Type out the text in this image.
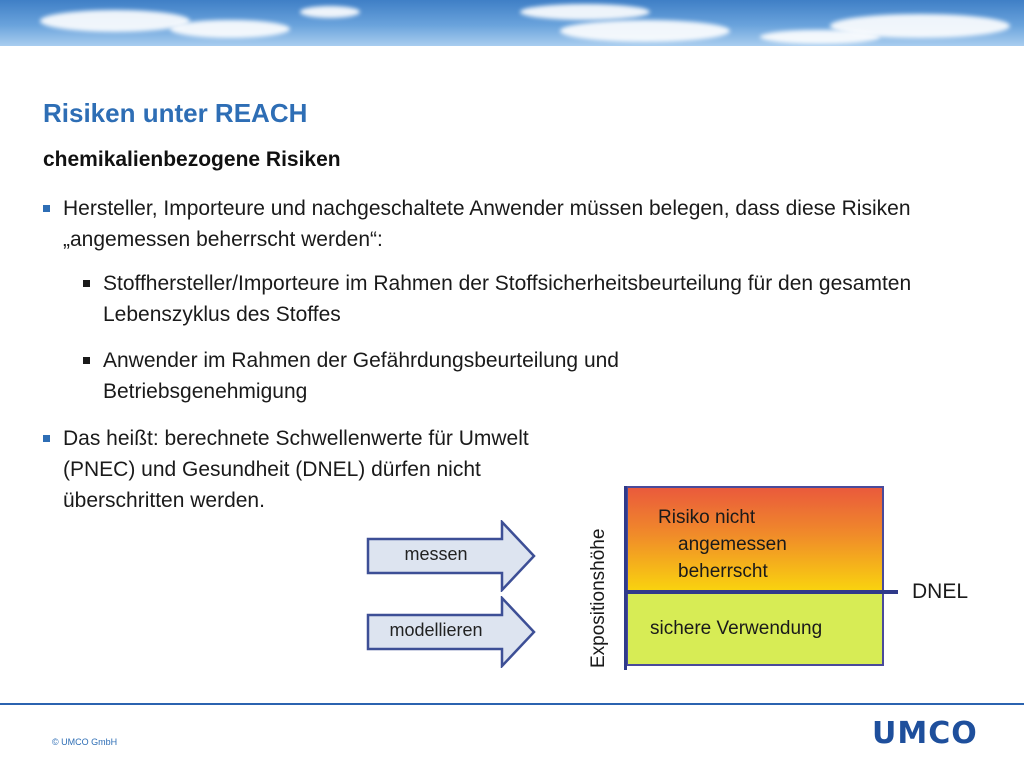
Risiken unter REACH
chemikalienbezogene Risiken
Hersteller, Importeure und nachgeschaltete Anwender müssen belegen, dass diese Risiken „angemessen beherrscht werden“:
Stoffhersteller/Importeure im Rahmen der Stoffsicherheitsbeurteilung für den gesamten Lebenszyklus des Stoffes
Anwender im Rahmen der Gefährdungsbeurteilung und Betriebsgenehmigung
Das heißt: berechnete Schwellenwerte für Umwelt (PNEC) und Gesundheit (DNEL) dürfen nicht überschritten werden.
messen
modellieren
Risiko nicht
angemessen
beherrscht
sichere Verwendung
Expositionshöhe	DNEL
© UMCO GmbH	UMCO
